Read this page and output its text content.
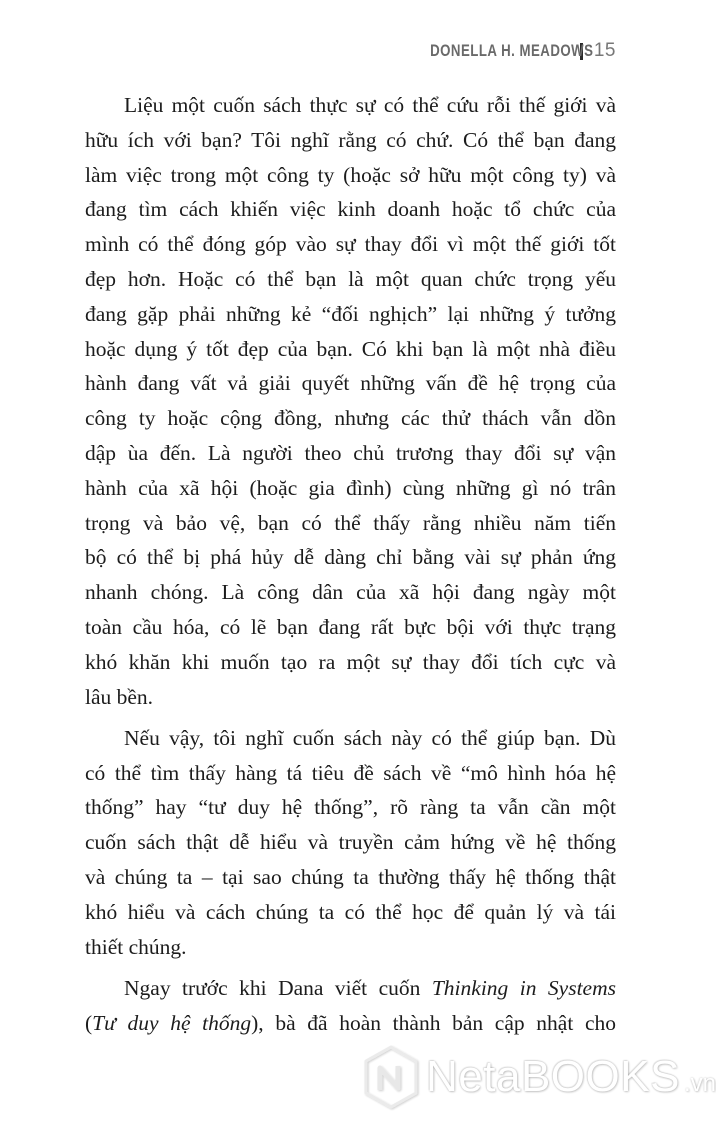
DONELLA H. MEADOWS 15
Liệu một cuốn sách thực sự có thể cứu rỗi thế giới và
hữu ích với bạn? Tôi nghĩ rằng có chứ. Có thể bạn đang
làm việc trong một công ty (hoặc sở hữu một công ty) và
đang tìm cách khiến việc kinh doanh hoặc tổ chức của
mình có thể đóng góp vào sự thay đổi vì một thế giới tốt
đẹp hơn. Hoặc có thể bạn là một quan chức trọng yếu
đang gặp phải những kẻ “đối nghịch” lại những ý tưởng
hoặc dụng ý tốt đẹp của bạn. Có khi bạn là một nhà điều
hành đang vất vả giải quyết những vấn đề hệ trọng của
công ty hoặc cộng đồng, nhưng các thử thách vẫn dồn
dập ùa đến. Là người theo chủ trương thay đổi sự vận
hành của xã hội (hoặc gia đình) cùng những gì nó trân
trọng và bảo vệ, bạn có thể thấy rằng nhiều năm tiến
bộ có thể bị phá hủy dễ dàng chỉ bằng vài sự phản ứng
nhanh chóng. Là công dân của xã hội đang ngày một
toàn cầu hóa, có lẽ bạn đang rất bực bội với thực trạng
khó khăn khi muốn tạo ra một sự thay đổi tích cực và
lâu bền.
Nếu vậy, tôi nghĩ cuốn sách này có thể giúp bạn. Dù
có thể tìm thấy hàng tá tiêu đề sách về “mô hình hóa hệ
thống” hay “tư duy hệ thống”, rõ ràng ta vẫn cần một
cuốn sách thật dễ hiểu và truyền cảm hứng về hệ thống
và chúng ta – tại sao chúng ta thường thấy hệ thống thật
khó hiểu và cách chúng ta có thể học để quản lý và tái
thiết chúng.
Ngay trước khi Dana viết cuốn Thinking in Systems
(Tư duy hệ thống), bà đã hoàn thành bản cập nhật cho
NetaBOOKS .vn
